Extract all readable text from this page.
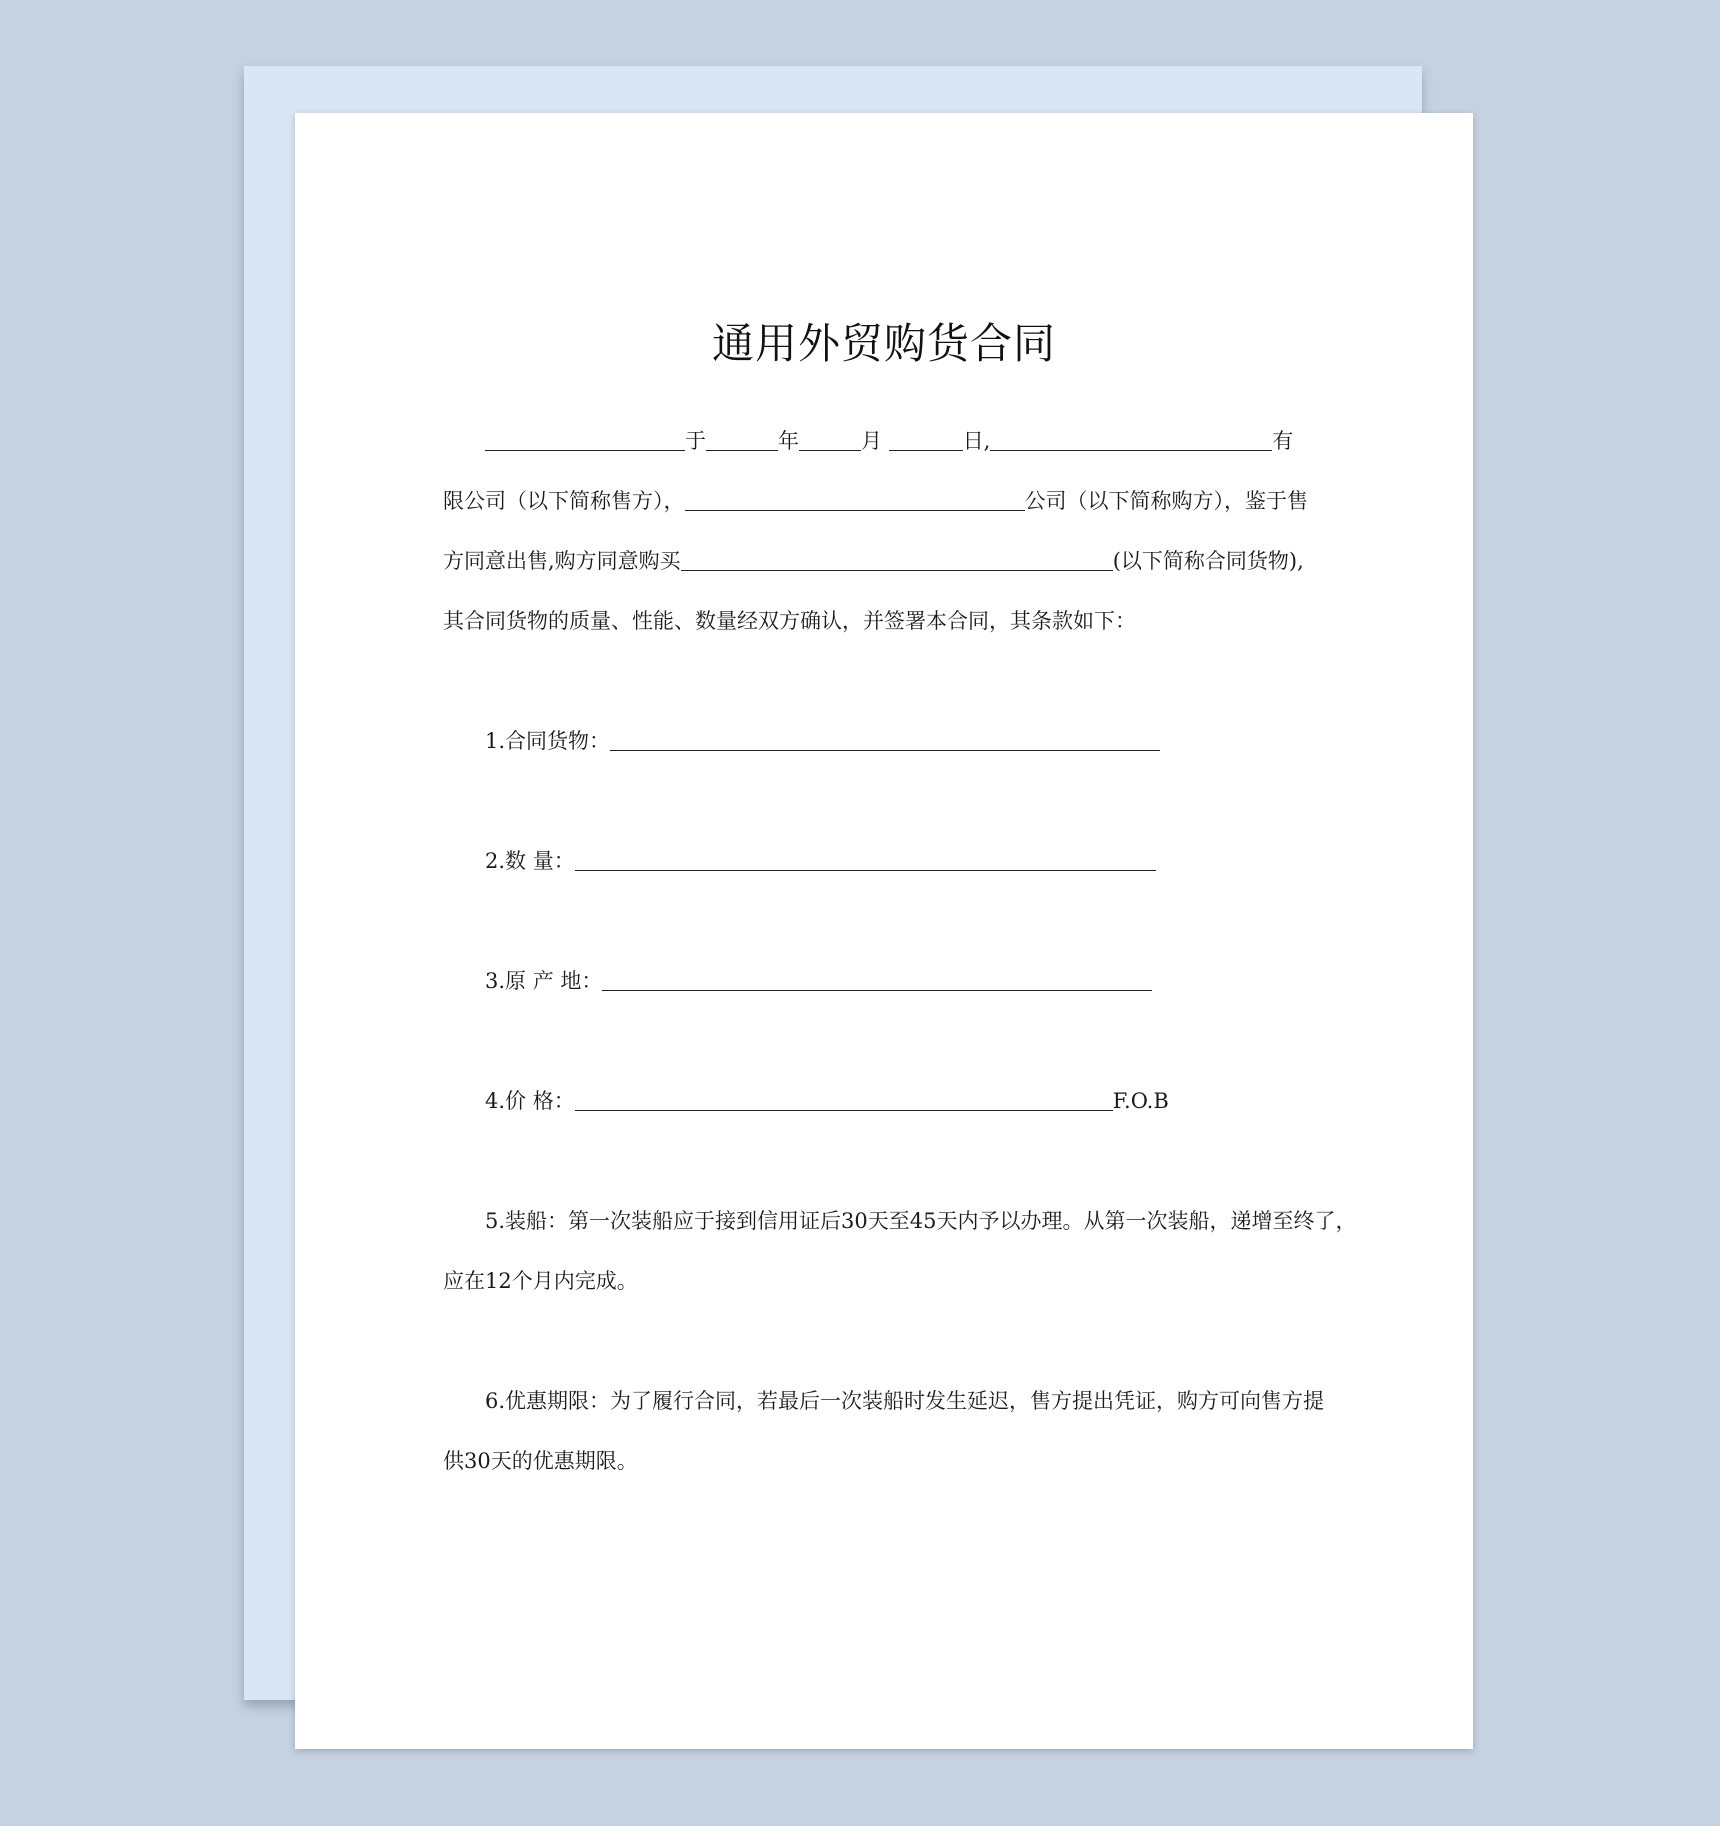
通用外贸购货合同
于	年	月	日,	有
限公司（以下简称售方），	公司（以下简称购方），鉴于售
方同意出售,购方同意购买	(以下简称合同货物),
其合同货物的质量、性能、数量经双方确认，并签署本合同，其条款如下：
1.合同货物：
2.数 量：
3.原 产 地：
4.价 格：	F.O.B
5.装船：第一次装船应于接到信用证后30天至45天内予以办理。从第一次装船，递增至终了，
应在12个月内完成。
6.优惠期限：为了履行合同，若最后一次装船时发生延迟，售方提出凭证，购方可向售方提
供30天的优惠期限。
